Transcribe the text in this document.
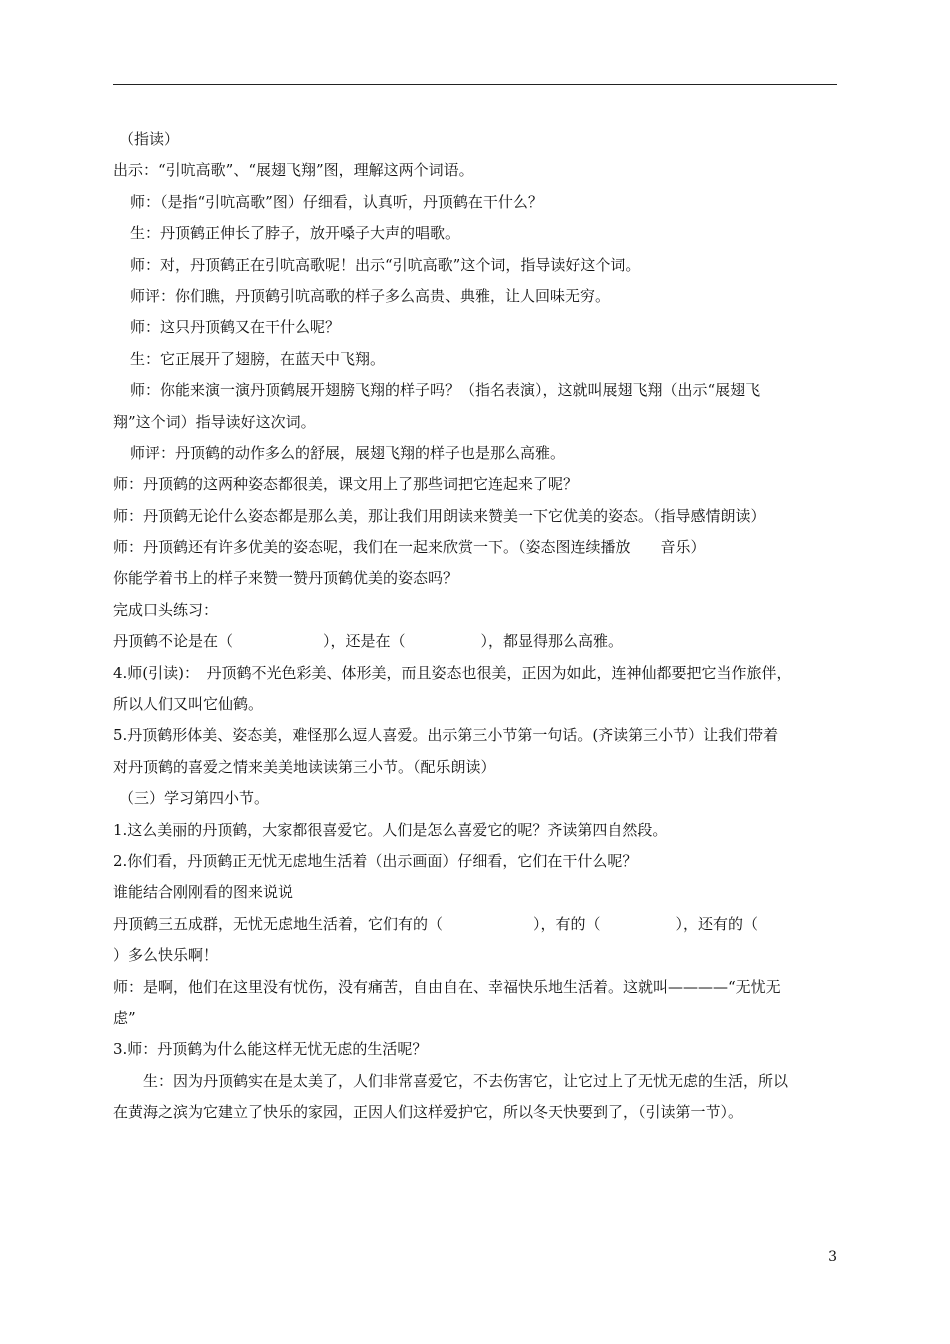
（指读）
出示：“引吭高歌”、“展翅飞翔”图，理解这两个词语。
师：（是指“引吭高歌”图）仔细看，认真听，丹顶鹤在干什么？
生：丹顶鹤正伸长了脖子，放开嗓子大声的唱歌。
师：对，丹顶鹤正在引吭高歌呢！出示“引吭高歌”这个词，指导读好这个词。
师评：你们瞧，丹顶鹤引吭高歌的样子多么高贵、典雅，让人回味无穷。
师：这只丹顶鹤又在干什么呢？
生：它正展开了翅膀，在蓝天中飞翔。
师：你能来演一演丹顶鹤展开翅膀飞翔的样子吗？（指名表演），这就叫展翅飞翔（出示“展翅飞
翔”这个词）指导读好这次词。
师评：丹顶鹤的动作多么的舒展，展翅飞翔的样子也是那么高雅。
师：丹顶鹤的这两种姿态都很美，课文用上了那些词把它连起来了呢？
师：丹顶鹤无论什么姿态都是那么美，那让我们用朗读来赞美一下它优美的姿态。（指导感情朗读）
师：丹顶鹤还有许多优美的姿态呢，我们在一起来欣赏一下。（姿态图连续播放　　音乐）
你能学着书上的样子来赞一赞丹顶鹤优美的姿态吗？
完成口头练习：
丹顶鹤不论是在（　　　　　　），还是在（　　　　　），都显得那么高雅。
4.师(引读)：　丹顶鹤不光色彩美、体形美，而且姿态也很美，正因为如此，连神仙都要把它当作旅伴，
所以人们又叫它仙鹤。
5.丹顶鹤形体美、姿态美，难怪那么逗人喜爱。出示第三小节第一句话。(齐读第三小节）让我们带着
对丹顶鹤的喜爱之情来美美地读读第三小节。（配乐朗读）
（三）学习第四小节。
1.这么美丽的丹顶鹤，大家都很喜爱它。人们是怎么喜爱它的呢？齐读第四自然段。
2.你们看，丹顶鹤正无忧无虑地生活着（出示画面）仔细看，它们在干什么呢？
谁能结合刚刚看的图来说说
丹顶鹤三五成群，无忧无虑地生活着，它们有的（　　　　　　），有的（　　　　　），还有的（
）多么快乐啊！
师：是啊，他们在这里没有忧伤，没有痛苦，自由自在、幸福快乐地生活着。这就叫————“无忧无
虑”
3.师：丹顶鹤为什么能这样无忧无虑的生活呢？
　　生：因为丹顶鹤实在是太美了，人们非常喜爱它，不去伤害它，让它过上了无忧无虑的生活，所以
在黄海之滨为它建立了快乐的家园，正因人们这样爱护它，所以冬天快要到了，（引读第一节）。
3
